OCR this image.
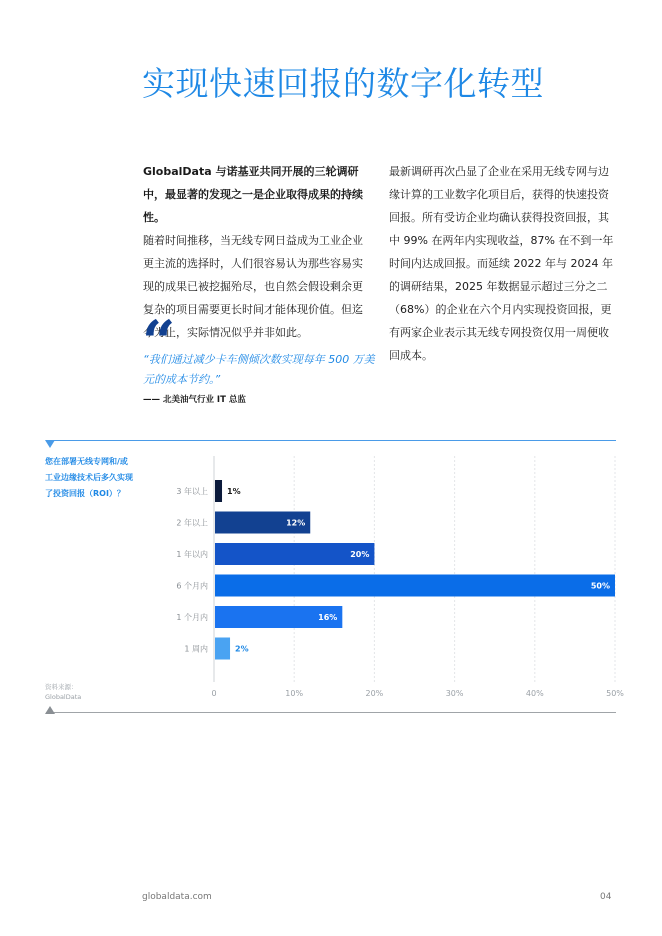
实现快速回报的数字化转型
GlobalData 与诺基亚共同开展的三轮调研中，最显著的发现之一是企业取得成果的持续性。
随着时间推移，当无线专网日益成为工业企业更主流的选择时，人们很容易认为那些容易实现的成果已被挖掘殆尽，也自然会假设剩余更复杂的项目需要更长时间才能体现价值。但迄今为止，实际情况似乎并非如此。
最新调研再次凸显了企业在采用无线专网与边缘计算的工业数字化项目后，获得的快速投资回报。所有受访企业均确认获得投资回报，其中 99% 在两年内实现收益，87% 在不到一年时间内达成回报。而延续 2022 年与 2024 年的调研结果，2025 年数据显示超过三分之二（68%）的企业在六个月内实现投资回报，更有两家企业表示其无线专网投资仅用一周便收回成本。
“
“我们通过减少卡车侧倾次数实现每年 500 万美元的成本节约。”
—— 北美油气行业 IT 总监
您在部署无线专网和/或工业边缘技术后多久实现了投资回报（ROI）？
0	10%	20%	30%	40%	50%
3 年以上 1%
2 年以上	12%
1 年以内	20%
6 个月内	50%
1 个月内	16%
1 周内	2%
资料来源：
GlobalData
globaldata.com	04
